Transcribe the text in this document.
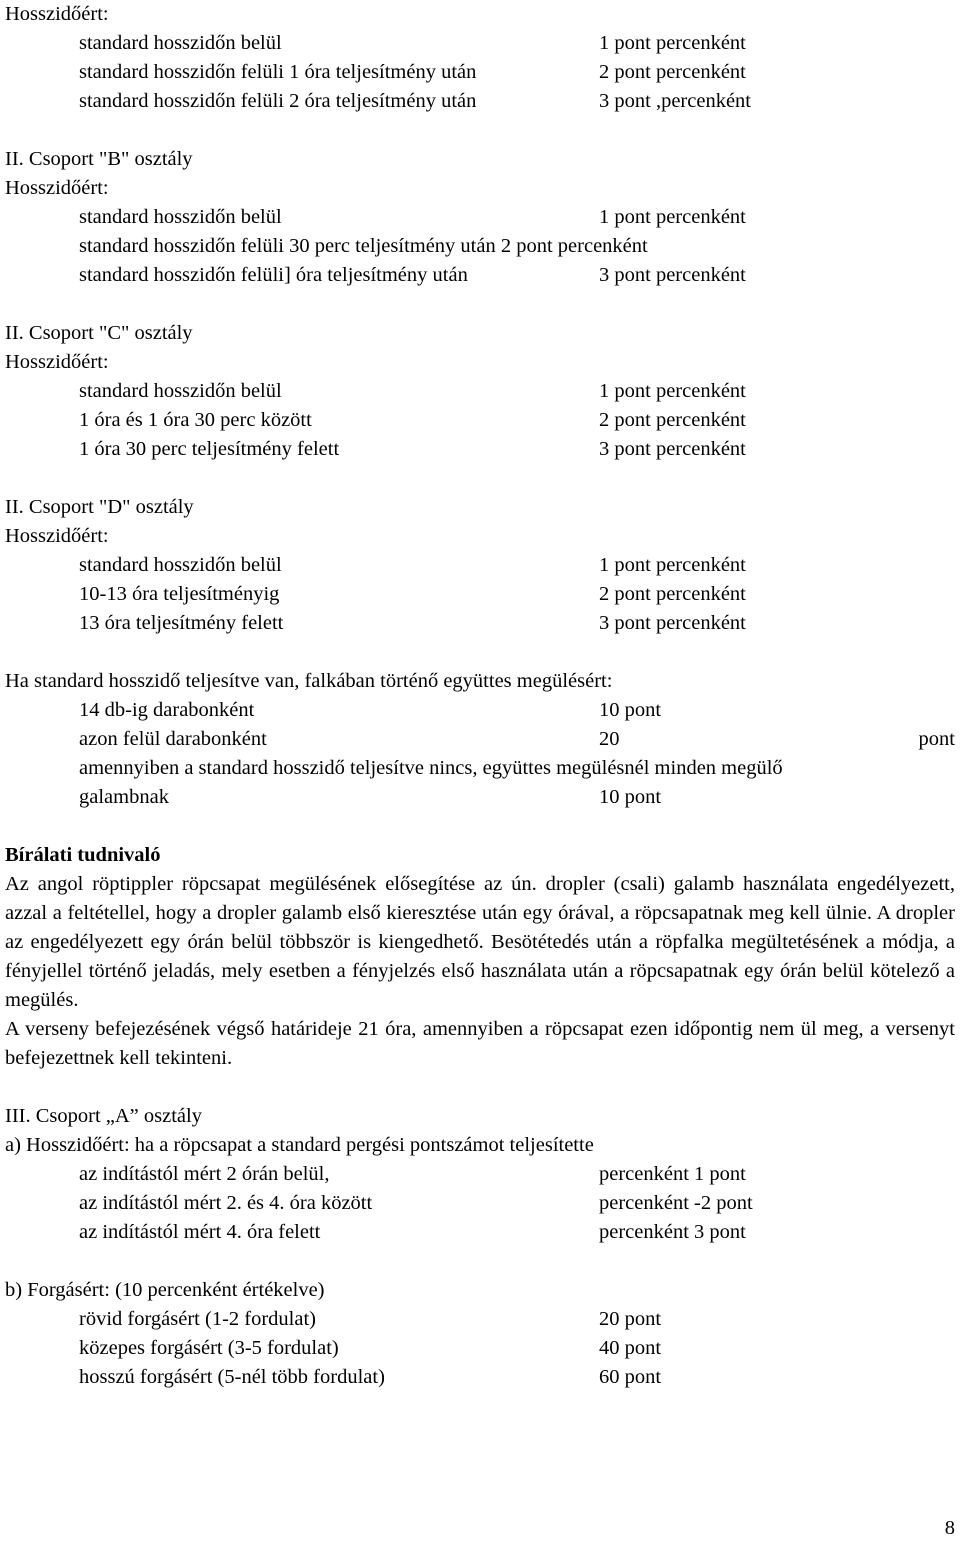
Hosszidőért:
standard hosszidőn belül	1 pont percenként
standard hosszidőn felüli 1 óra teljesítmény után	2 pont percenként
standard hosszidőn felüli 2 óra teljesítmény után	3 pont ,percenként
II. Csoport "B" osztály
Hosszidőért:
standard hosszidőn belül	1 pont percenként
standard hosszidőn felüli 30 perc teljesítmény után 2 pont percenként
standard hosszidőn felüli] óra teljesítmény után	3 pont percenként
II. Csoport "C" osztály
Hosszidőért:
standard hosszidőn belül	1 pont percenként
1 óra és 1 óra 30 perc között	2 pont percenként
1 óra 30 perc teljesítmény felett	3 pont percenként
II. Csoport "D" osztály
Hosszidőért:
standard hosszidőn belül	1 pont percenként
10-13 óra teljesítményig	2 pont percenként
13 óra teljesítmény felett	3 pont percenként
Ha standard hosszidő teljesítve van, falkában történő együttes megülésért:
14 db-ig darabonként	10 pont
azon felül darabonként	20	pont
amennyiben a standard hosszidő teljesítve nincs, együttes megülésnél minden megülő
galambnak	10 pont
Bírálati tudnivaló
Az angol röptippler röpcsapat megülésének elősegítése az ún. dropler (csali) galamb használata engedélyezett, azzal a feltétellel, hogy a dropler galamb első kieresztése után egy órával, a röpcsapatnak meg kell ülnie. A dropler az engedélyezett egy órán belül többször is kiengedhető. Besötétedés után a röpfalka megültetésének a módja, a fényjellel történő jeladás, mely esetben a fényjelzés első használata után a röpcsapatnak egy órán belül kötelező a megülés.
A verseny befejezésének végső határideje 21 óra, amennyiben a röpcsapat ezen időpontig nem ül meg, a versenyt befejezettnek kell tekinteni.
III. Csoport „A” osztály
a) Hosszidőért: ha a röpcsapat a standard pergési pontszámot teljesítette
az indítástól mért 2 órán belül,	percenként 1 pont
az indítástól mért 2. és 4. óra között	percenként -2 pont
az indítástól mért 4. óra felett	percenként 3 pont
b) Forgásért: (10 percenként értékelve)
rövid forgásért (1-2 fordulat)	20 pont
közepes forgásért (3-5 fordulat)	40 pont
hosszú forgásért (5-nél több fordulat)	60 pont
8
